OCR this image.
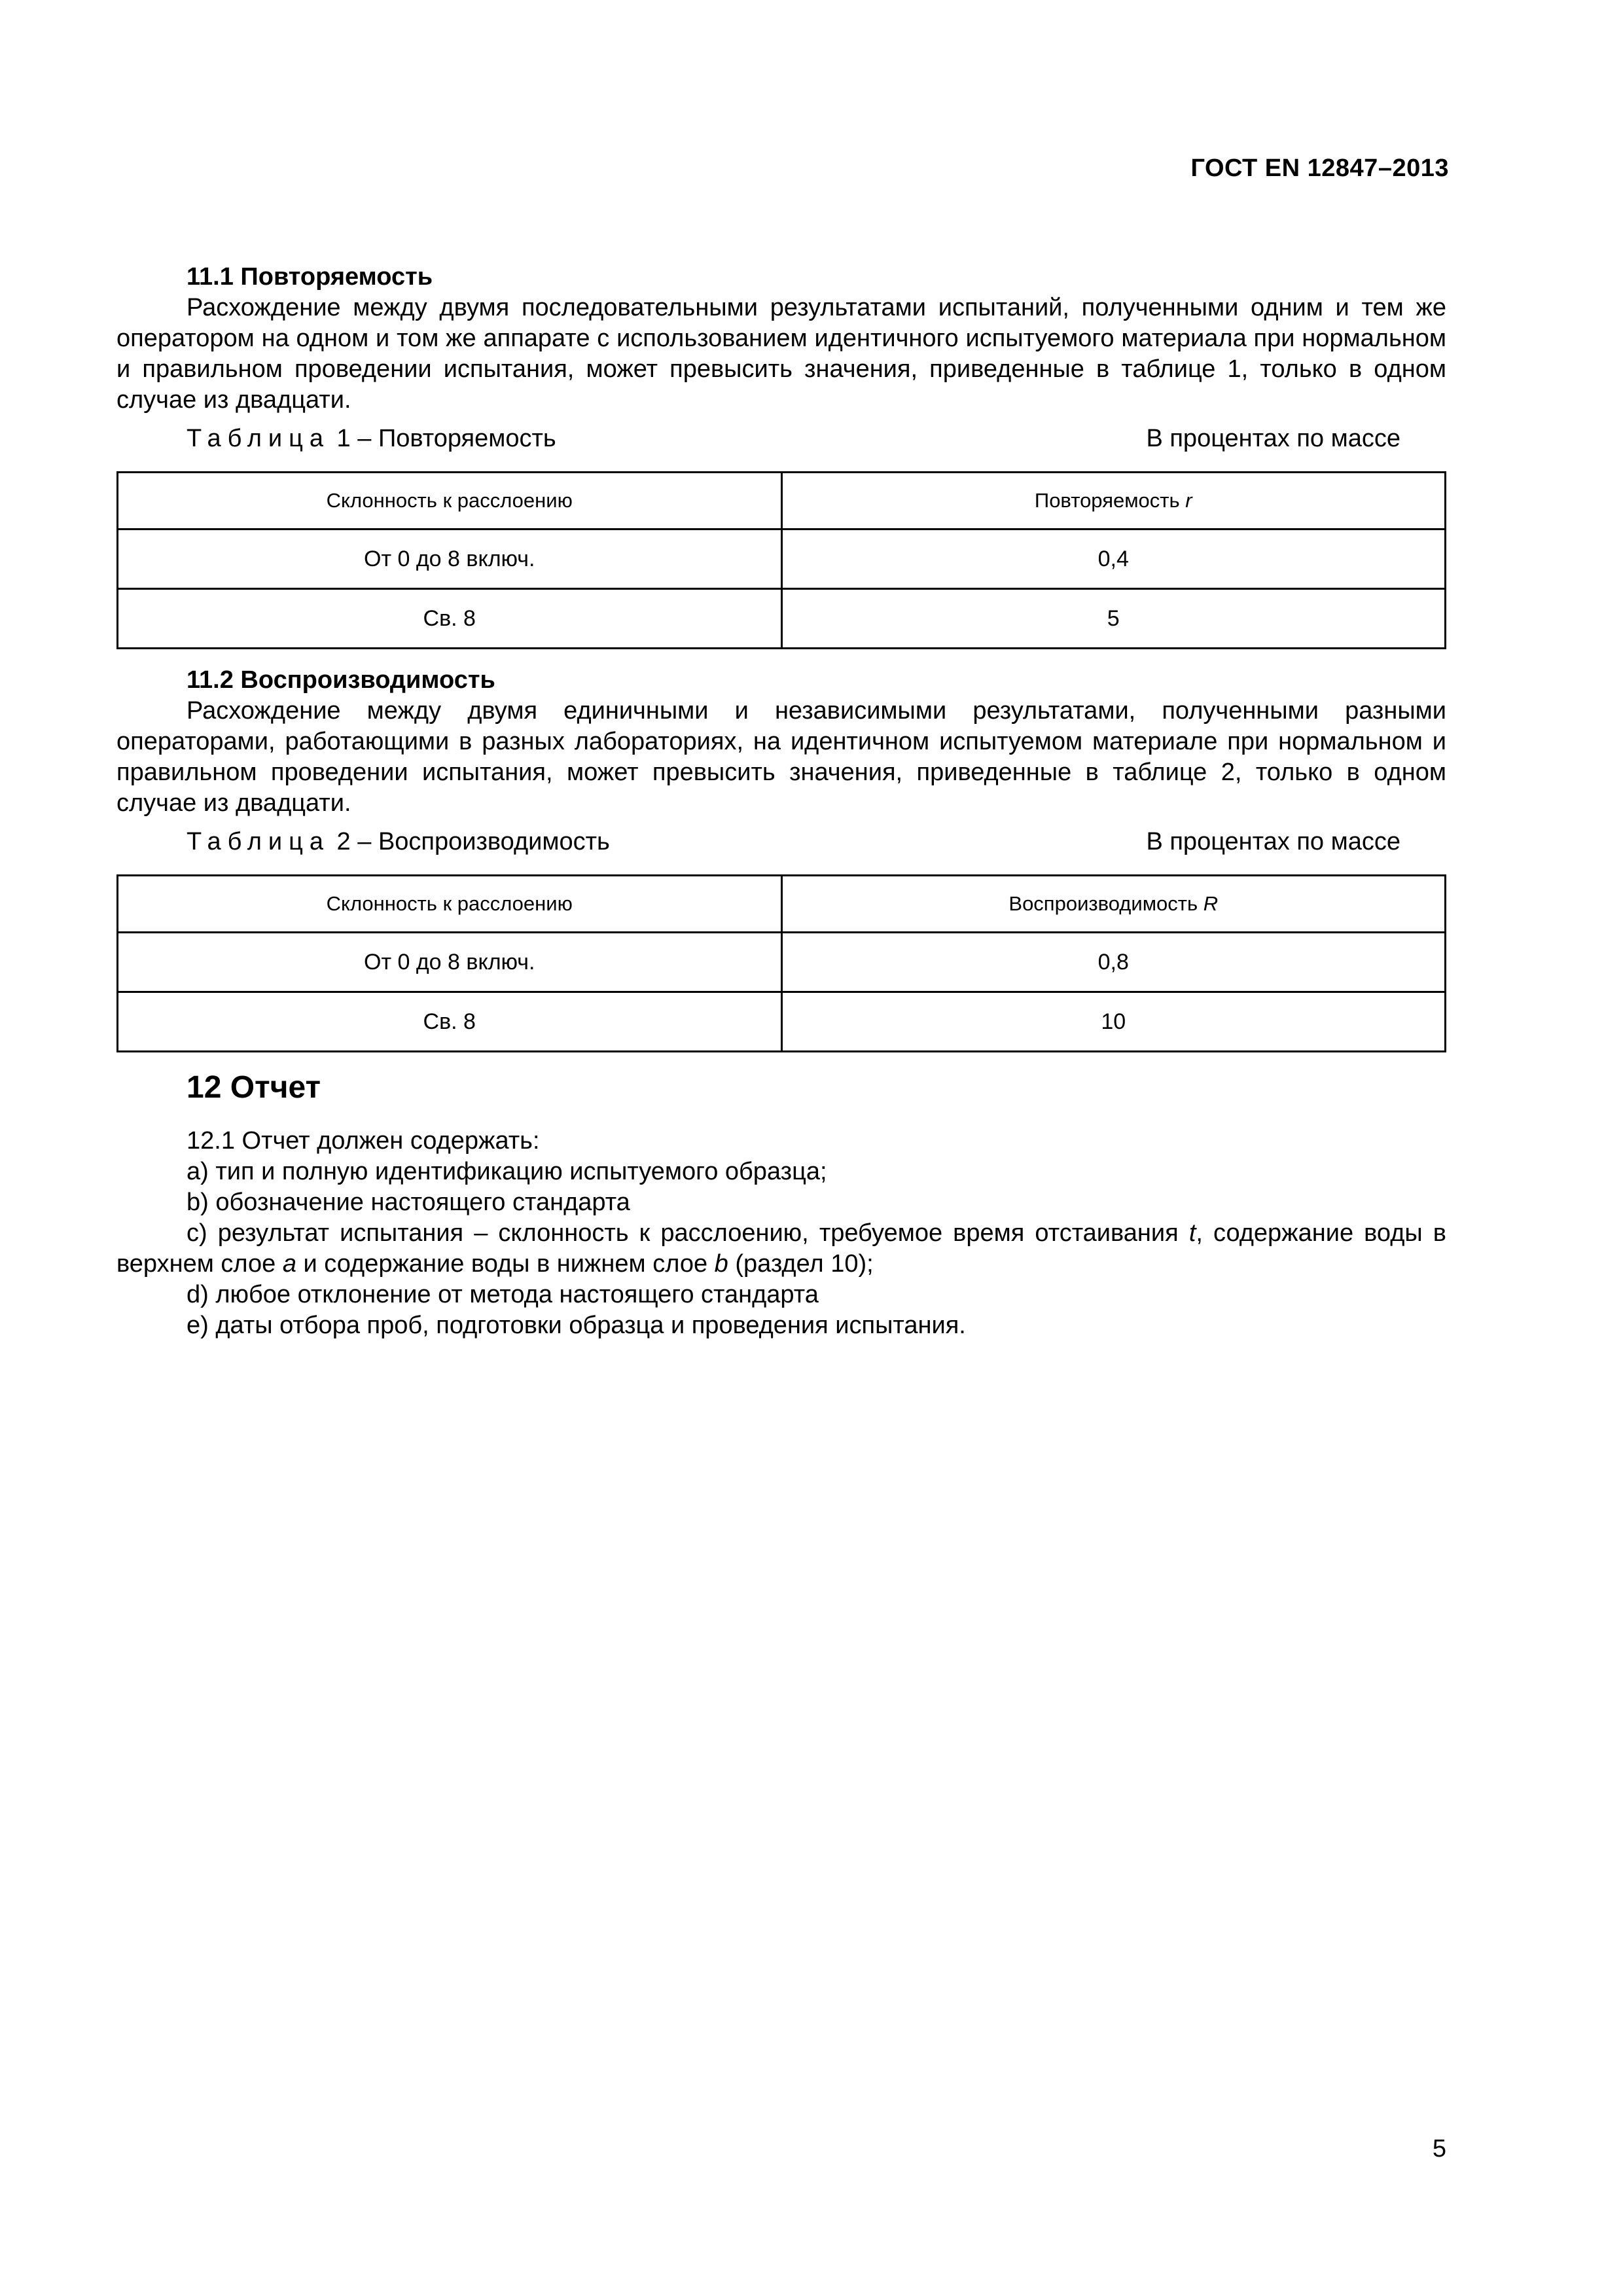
ГОСТ EN 12847–2013
11.1 Повторяемость

Расхождение между двумя последовательными результатами испытаний, полученными одним и тем же оператором на одном и том же аппарате с использованием идентичного испытуемого материала при нормальном и правильном проведении испытания, может превысить значения, приведенные в таблице 1, только в одном случае из двадцати.

Таблица 1 – Повторяемость	В процентах по массе
Склонность к расслоению	Повторяемость r
От 0 до 8 включ.	0,4
Св. 8	5
11.2 Воспроизводимость

Расхождение между двумя единичными и независимыми результатами, полученными разными операторами, работающими в разных лабораториях, на идентичном испытуемом материале при нормальном и правильном проведении испытания, может превысить значения, приведенные в таблице 2, только в одном случае из двадцати.

Таблица 2 – Воспроизводимость	В процентах по массе
Склонность к расслоению	Воспроизводимость R
От 0 до 8 включ.	0,8
Св. 8	10
12 Отчет

12.1 Отчет должен содержать:

a) тип и полную идентификацию испытуемого образца;

b) обозначение настоящего стандарта

c) результат испытания – склонность к расслоению, требуемое время отстаивания t, содержание воды в верхнем слое a и содержание воды в нижнем слое b (раздел 10);

d) любое отклонение от метода настоящего стандарта

e) даты отбора проб, подготовки образца и проведения испытания.

5
